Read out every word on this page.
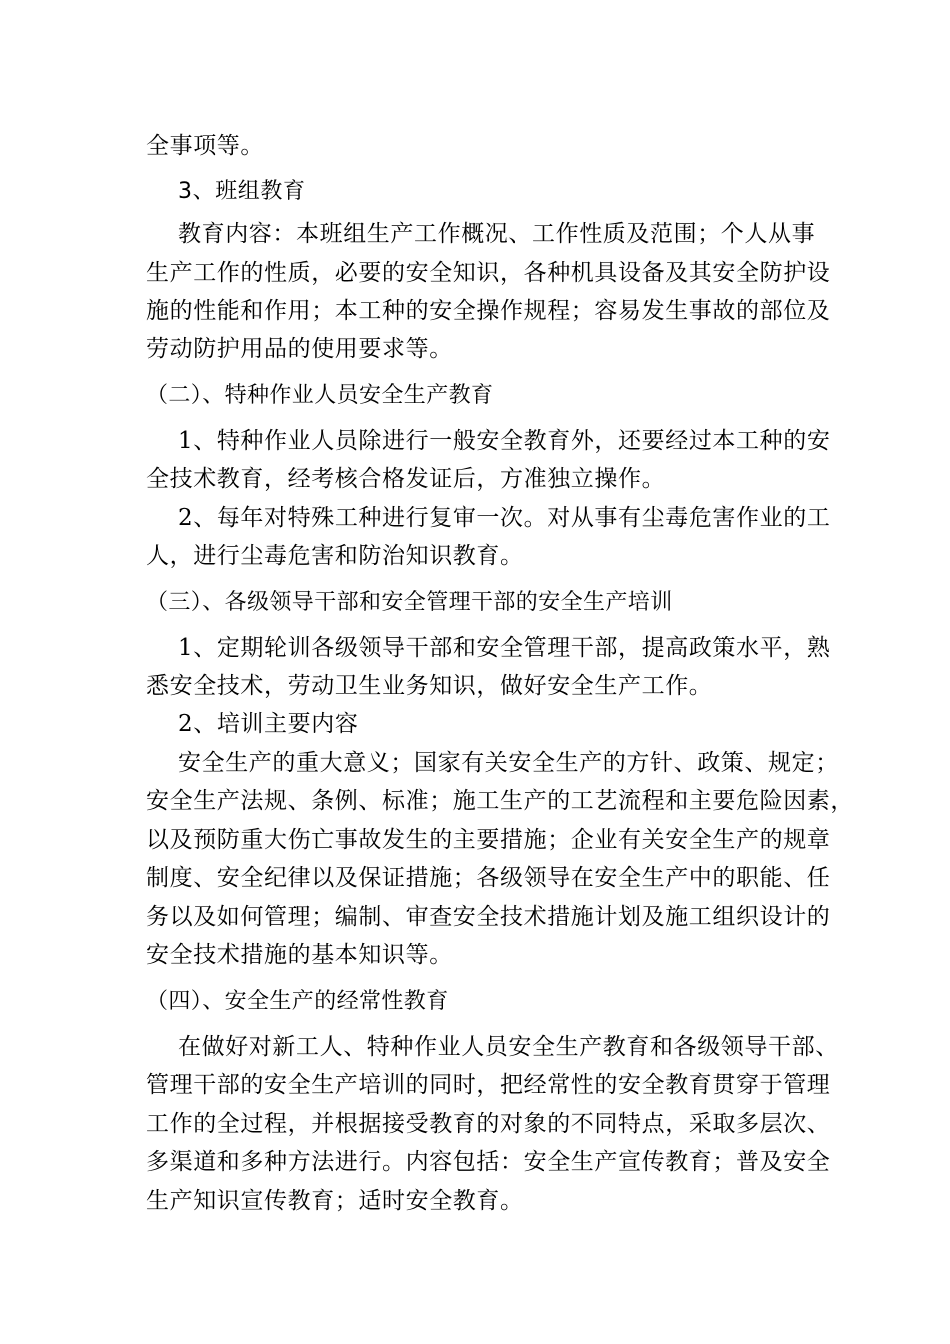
全事项等。
3、班组教育
教育内容：本班组生产工作概况、工作性质及范围；个人从事
生产工作的性质，必要的安全知识，各种机具设备及其安全防护设
施的性能和作用；本工种的安全操作规程；容易发生事故的部位及
劳动防护用品的使用要求等。
（二）、特种作业人员安全生产教育
1、特种作业人员除进行一般安全教育外，还要经过本工种的安
全技术教育，经考核合格发证后，方准独立操作。
2、每年对特殊工种进行复审一次。对从事有尘毒危害作业的工
人，进行尘毒危害和防治知识教育。
（三）、各级领导干部和安全管理干部的安全生产培训
1、定期轮训各级领导干部和安全管理干部，提高政策水平，熟
悉安全技术，劳动卫生业务知识，做好安全生产工作。
2、培训主要内容
安全生产的重大意义；国家有关安全生产的方针、政策、规定；
安全生产法规、条例、标准；施工生产的工艺流程和主要危险因素，
以及预防重大伤亡事故发生的主要措施；企业有关安全生产的规章
制度、安全纪律以及保证措施；各级领导在安全生产中的职能、任
务以及如何管理；编制、审查安全技术措施计划及施工组织设计的
安全技术措施的基本知识等。
（四）、安全生产的经常性教育
在做好对新工人、特种作业人员安全生产教育和各级领导干部、
管理干部的安全生产培训的同时，把经常性的安全教育贯穿于管理
工作的全过程，并根据接受教育的对象的不同特点，采取多层次、
多渠道和多种方法进行。内容包括：安全生产宣传教育；普及安全
生产知识宣传教育；适时安全教育。
